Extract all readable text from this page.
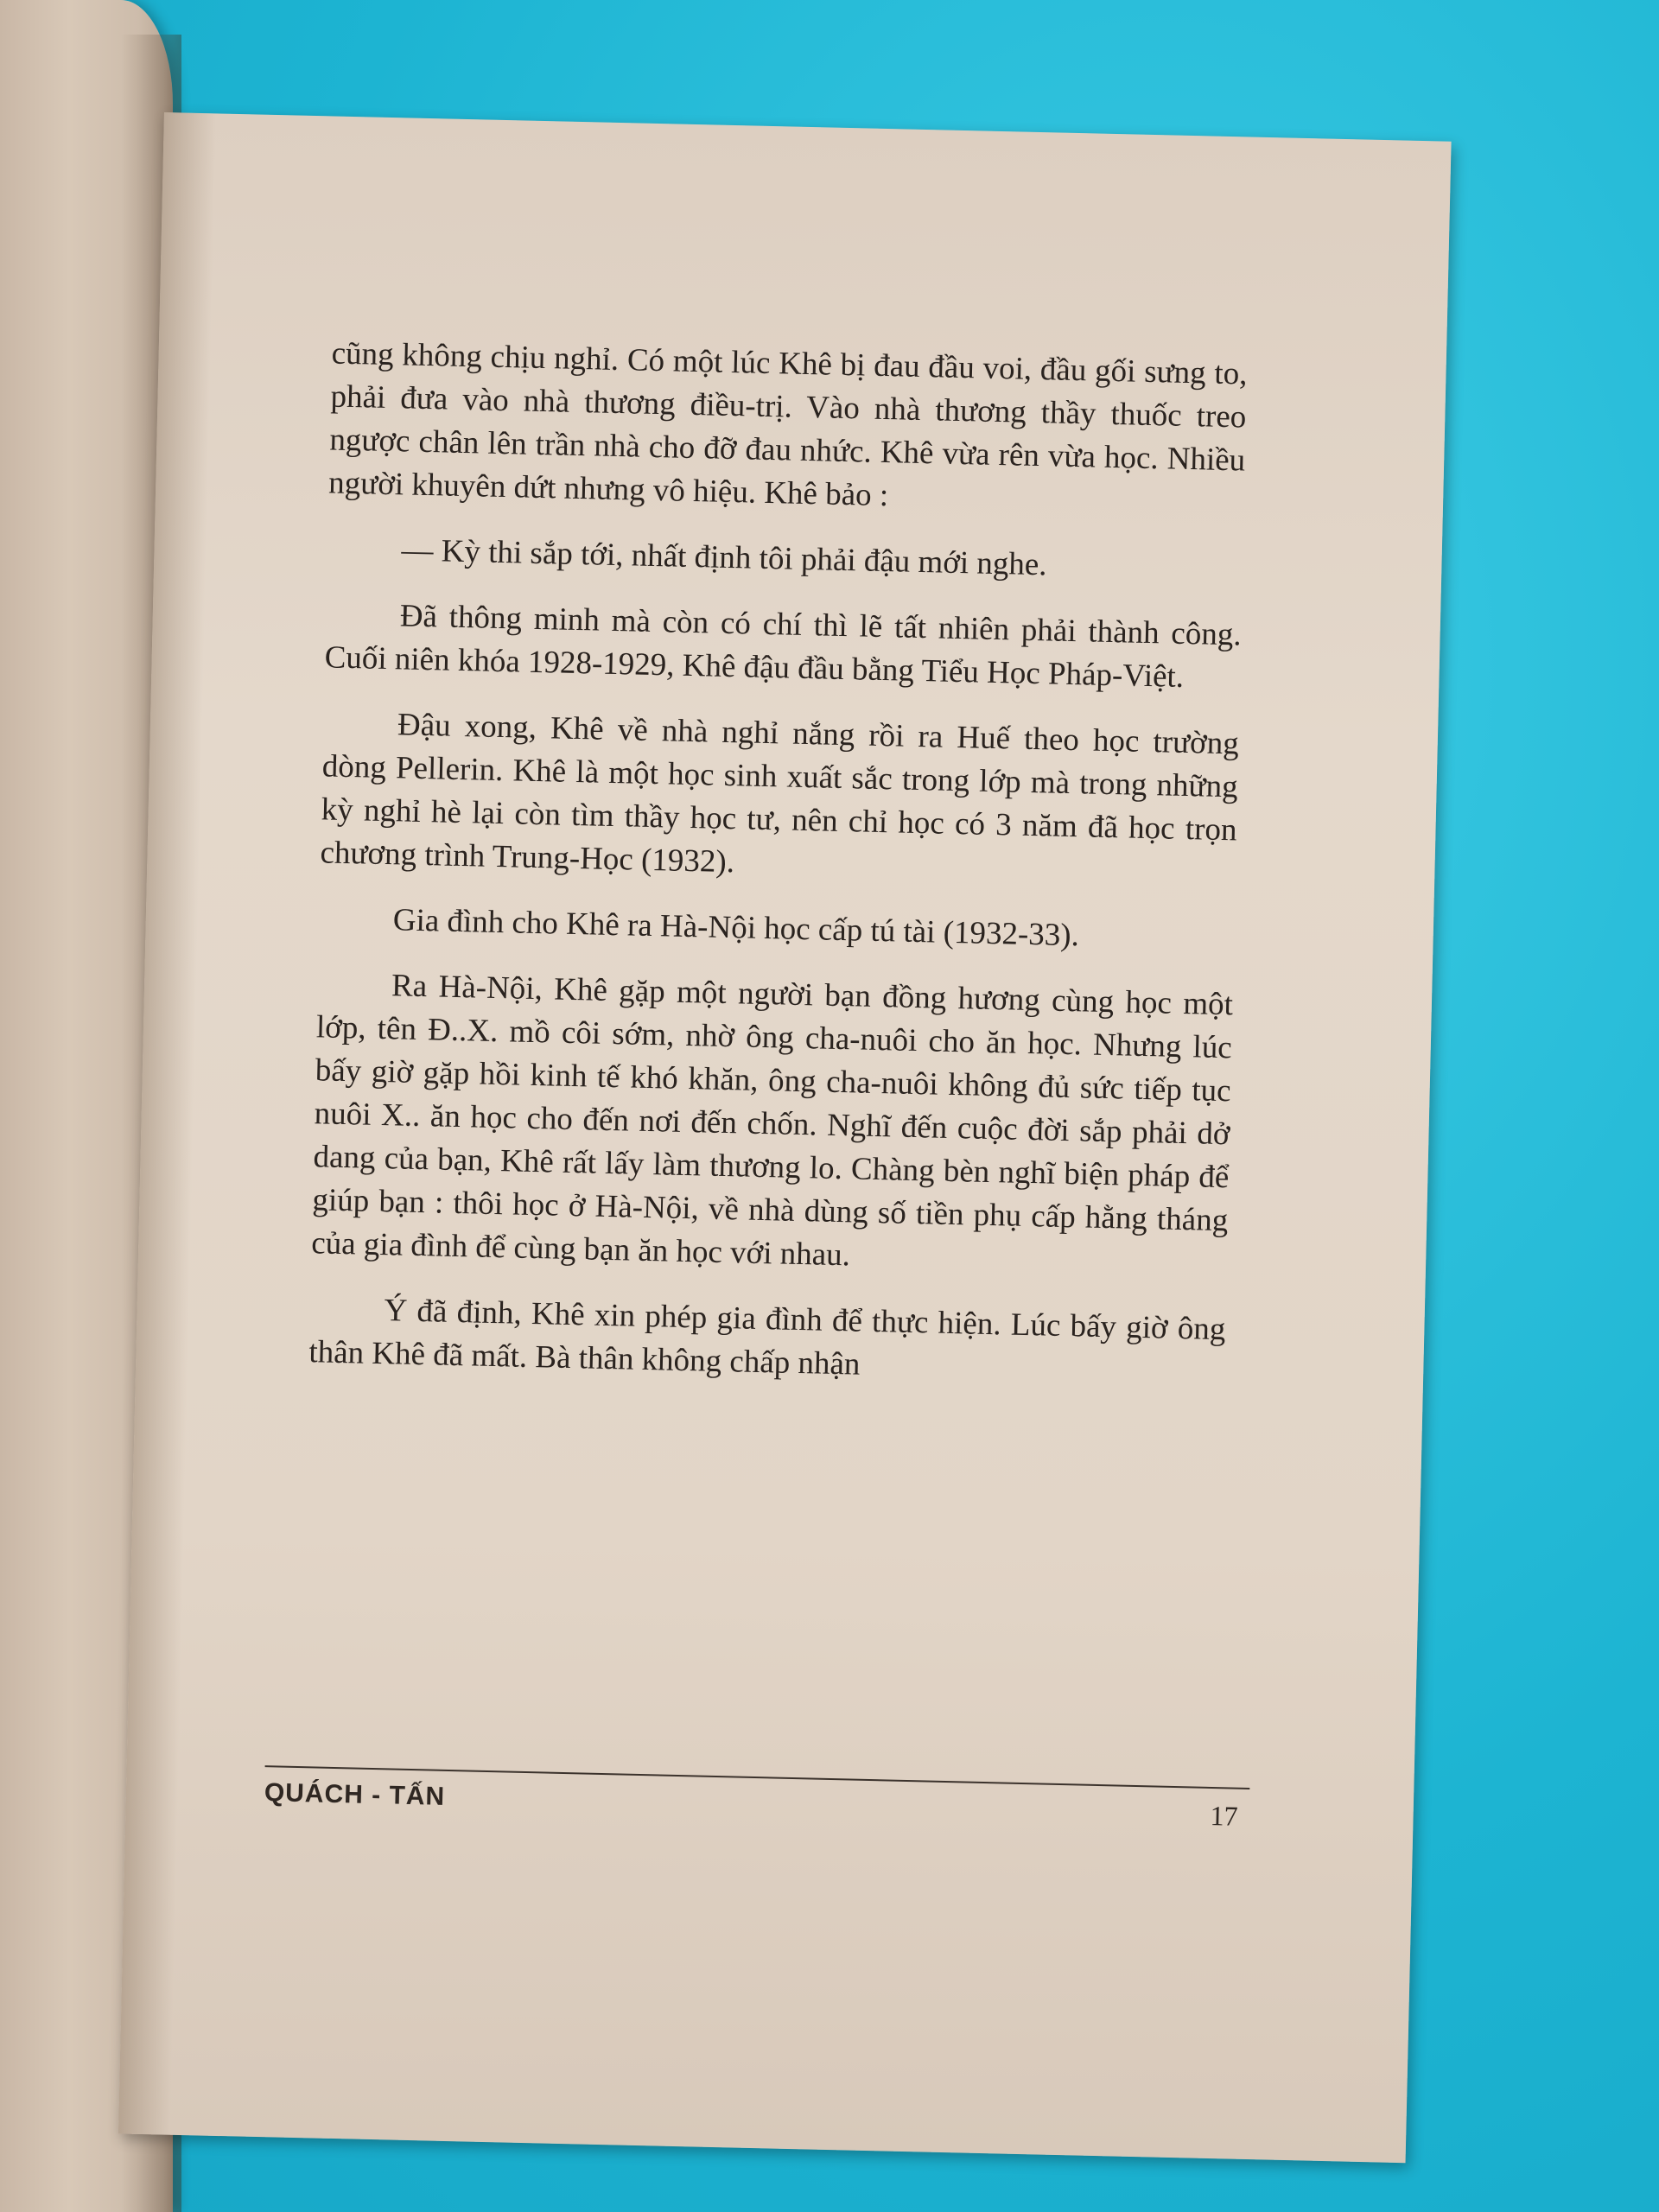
cũng không chịu nghỉ. Có một lúc Khê bị đau đầu voi, đầu gối sưng to, phải đưa vào nhà thương điều-trị. Vào nhà thương thầy thuốc treo ngược chân lên trần nhà cho đỡ đau nhức. Khê vừa rên vừa học. Nhiều người khuyên dứt nhưng vô hiệu. Khê bảo :

— Kỳ thi sắp tới, nhất định tôi phải đậu mới nghe.

Đã thông minh mà còn có chí thì lẽ tất nhiên phải thành công. Cuối niên khóa 1928-1929, Khê đậu đầu bằng Tiểu Học Pháp-Việt.

Đậu xong, Khê về nhà nghỉ nắng rồi ra Huế theo học trường dòng Pellerin. Khê là một học sinh xuất sắc trong lớp mà trong những kỳ nghỉ hè lại còn tìm thầy học tư, nên chỉ học có 3 năm đã học trọn chương trình Trung-Học (1932).

Gia đình cho Khê ra Hà-Nội học cấp tú tài (1932-33).

Ra Hà-Nội, Khê gặp một người bạn đồng hương cùng học một lớp, tên Đ..X. mồ côi sớm, nhờ ông cha-nuôi cho ăn học. Nhưng lúc bấy giờ gặp hồi kinh tế khó khăn, ông cha-nuôi không đủ sức tiếp tục nuôi X.. ăn học cho đến nơi đến chốn. Nghĩ đến cuộc đời sắp phải dở dang của bạn, Khê rất lấy làm thương lo. Chàng bèn nghĩ biện pháp để giúp bạn : thôi học ở Hà-Nội, về nhà dùng số tiền phụ cấp hằng tháng của gia đình để cùng bạn ăn học với nhau.

Ý đã định, Khê xin phép gia đình để thực hiện. Lúc bấy giờ ông thân Khê đã mất. Bà thân không chấp nhận

QUÁCH - TẤN
17
